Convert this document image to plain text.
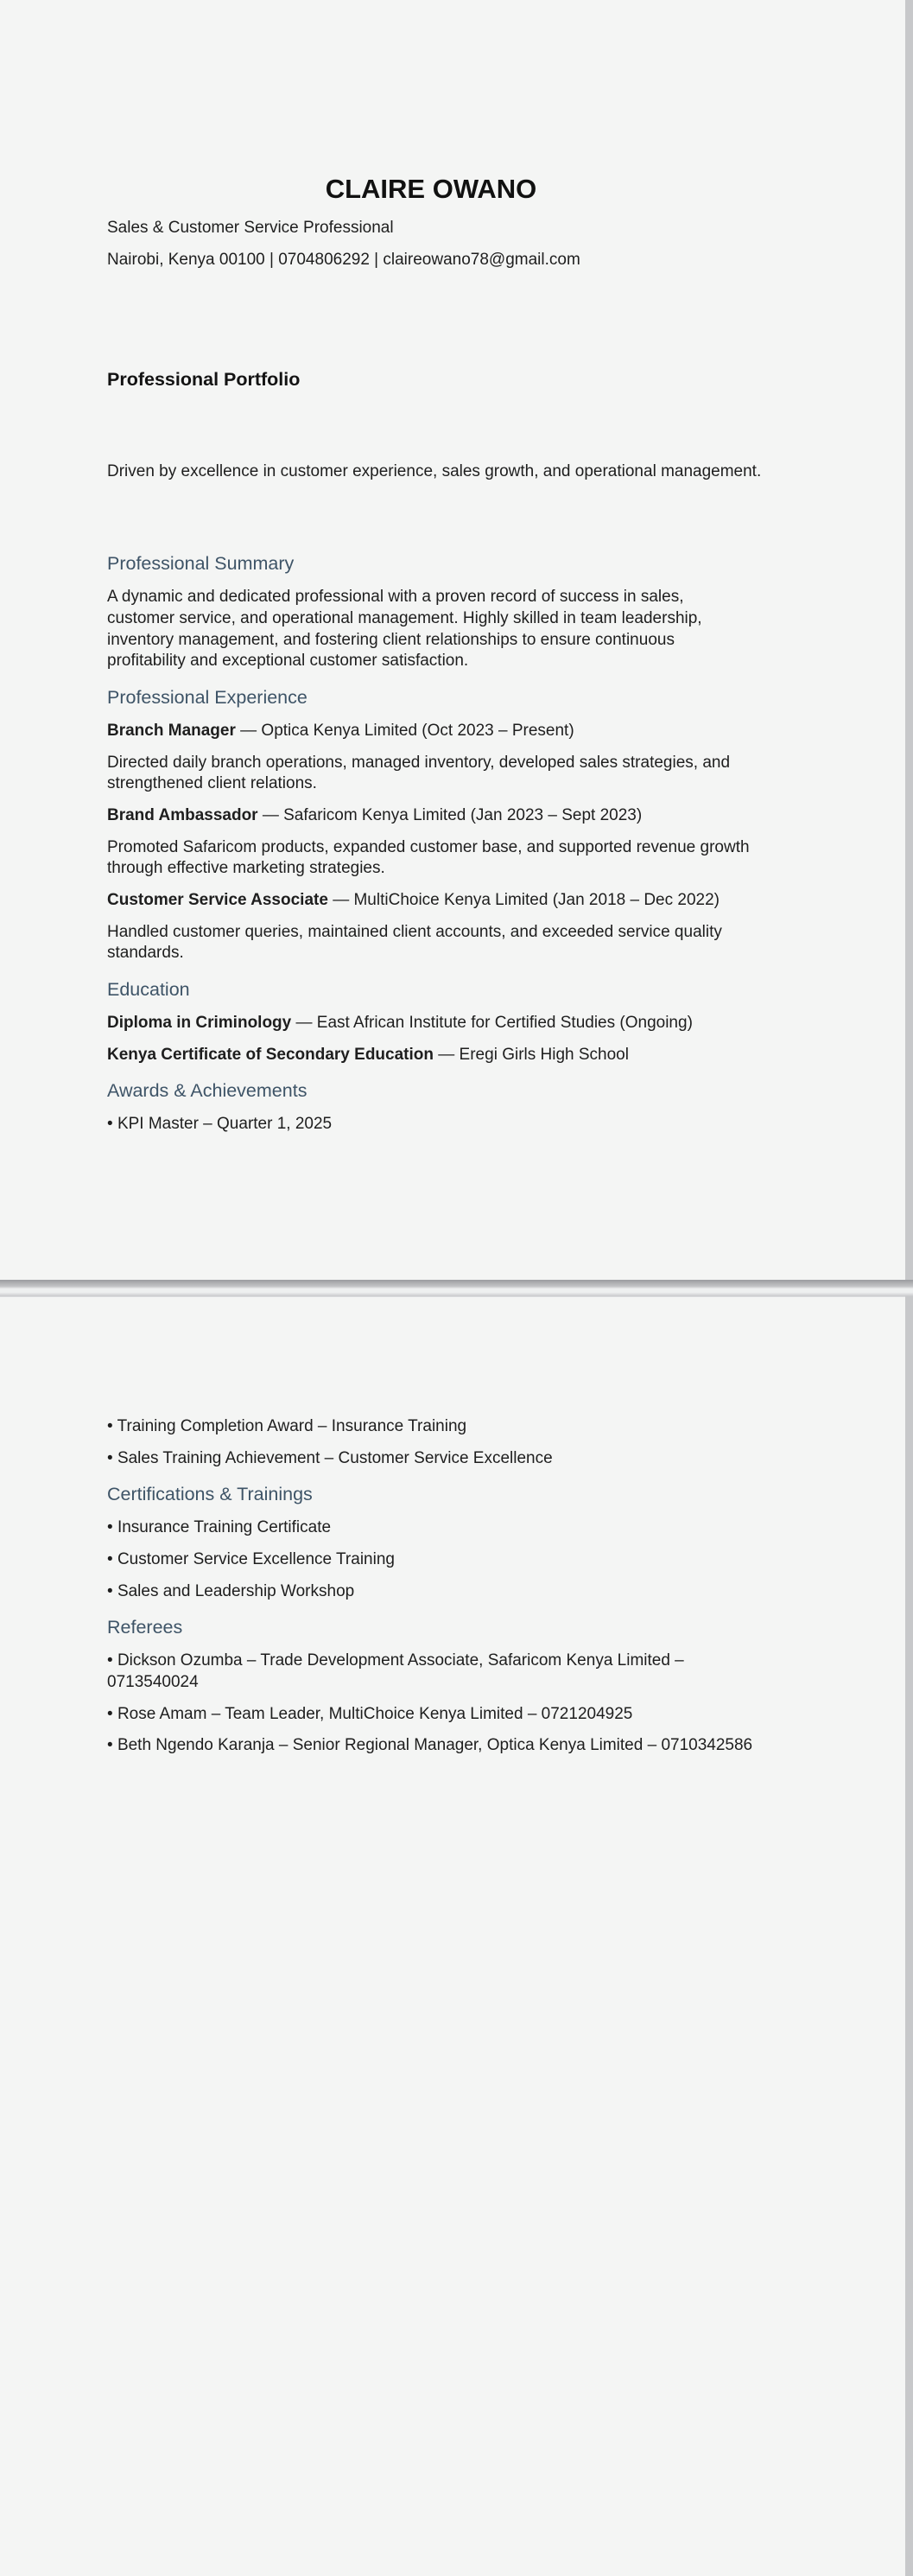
CLAIRE OWANO

Sales & Customer Service Professional

Nairobi, Kenya 00100 | 0704806292 | claireowano78@gmail.com

Professional Portfolio

Driven by excellence in customer experience, sales growth, and operational management.

Professional Summary

A dynamic and dedicated professional with a proven record of success in sales, customer service, and operational management. Highly skilled in team leadership, inventory management, and fostering client relationships to ensure continuous profitability and exceptional customer satisfaction.

Professional Experience

Branch Manager — Optica Kenya Limited (Oct 2023 – Present)

Directed daily branch operations, managed inventory, developed sales strategies, and strengthened client relations.

Brand Ambassador — Safaricom Kenya Limited (Jan 2023 – Sept 2023)

Promoted Safaricom products, expanded customer base, and supported revenue growth through effective marketing strategies.

Customer Service Associate — MultiChoice Kenya Limited (Jan 2018 – Dec 2022)

Handled customer queries, maintained client accounts, and exceeded service quality standards.

Education

Diploma in Criminology — East African Institute for Certified Studies (Ongoing)

Kenya Certificate of Secondary Education — Eregi Girls High School

Awards & Achievements

• KPI Master – Quarter 1, 2025

• Training Completion Award – Insurance Training

• Sales Training Achievement – Customer Service Excellence

Certifications & Trainings

• Insurance Training Certificate

• Customer Service Excellence Training

• Sales and Leadership Workshop

Referees

• Dickson Ozumba – Trade Development Associate, Safaricom Kenya Limited – 0713540024

• Rose Amam – Team Leader, MultiChoice Kenya Limited – 0721204925

• Beth Ngendo Karanja – Senior Regional Manager, Optica Kenya Limited – 0710342586
